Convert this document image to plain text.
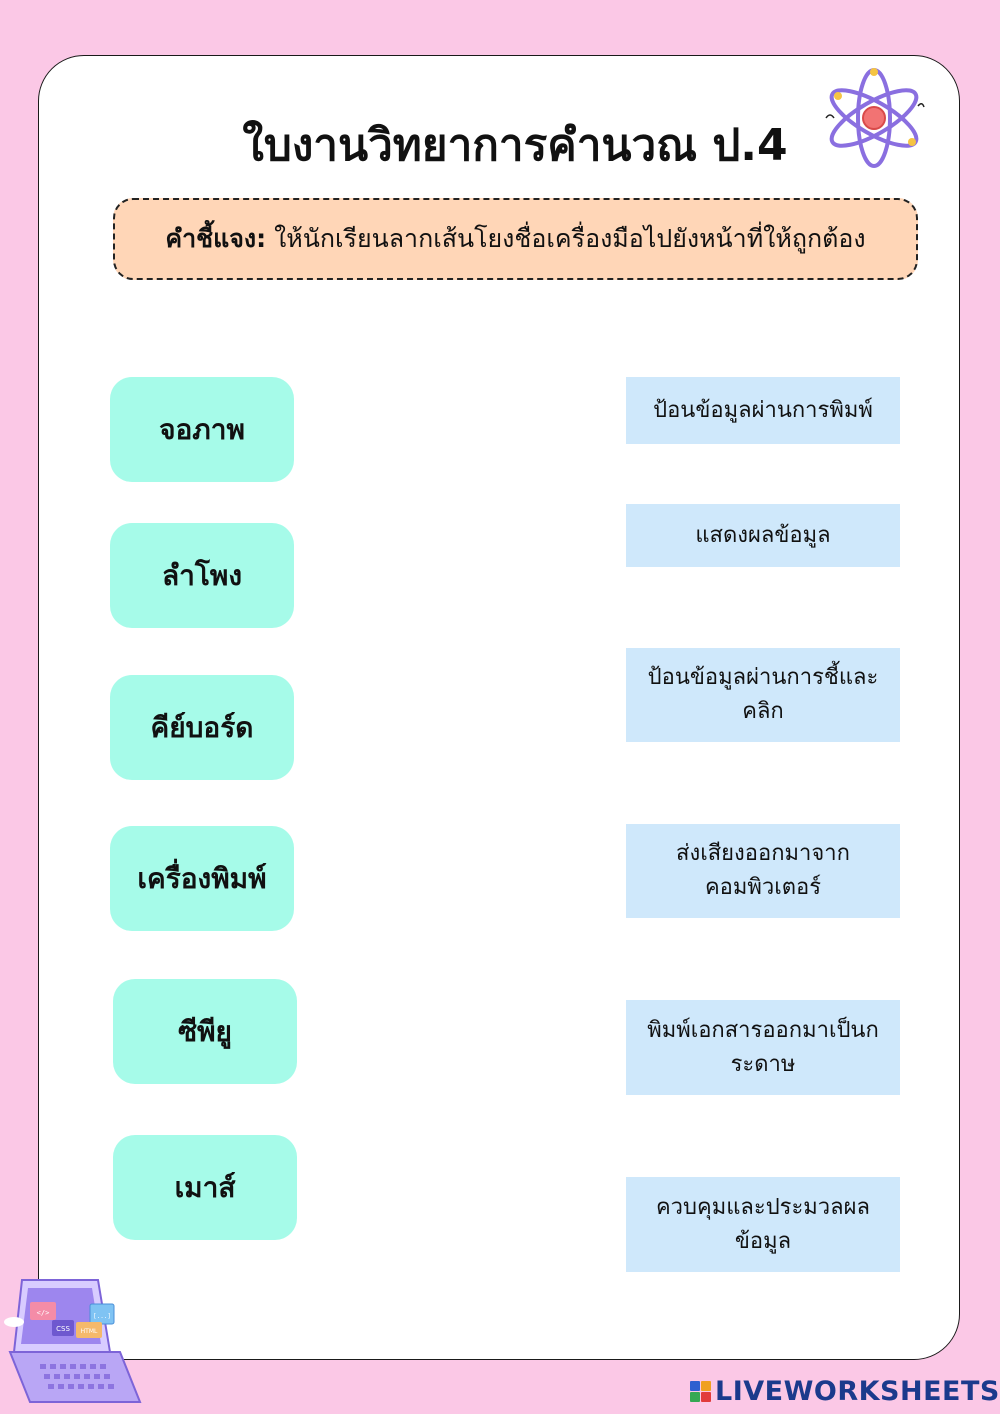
ใบงานวิทยาการคำนวณ ป.4
คำชี้แจง: ให้นักเรียนลากเส้นโยงชื่อเครื่องมือไปยังหน้าที่ให้ถูกต้อง
จอภาพ
ลำโพง
คีย์บอร์ด
เครื่องพิมพ์
ซีพียู
เมาส์
ป้อนข้อมูลผ่านการพิมพ์
แสดงผลข้อมูล
ป้อนข้อมูลผ่านการชี้และคลิก
ส่งเสียงออกมาจากคอมพิวเตอร์
พิมพ์เอกสารออกมาเป็นกระดาษ
ควบคุมและประมวลผลข้อมูล
</>	[...]
CSS HTML
LIVEWORKSHEETS
